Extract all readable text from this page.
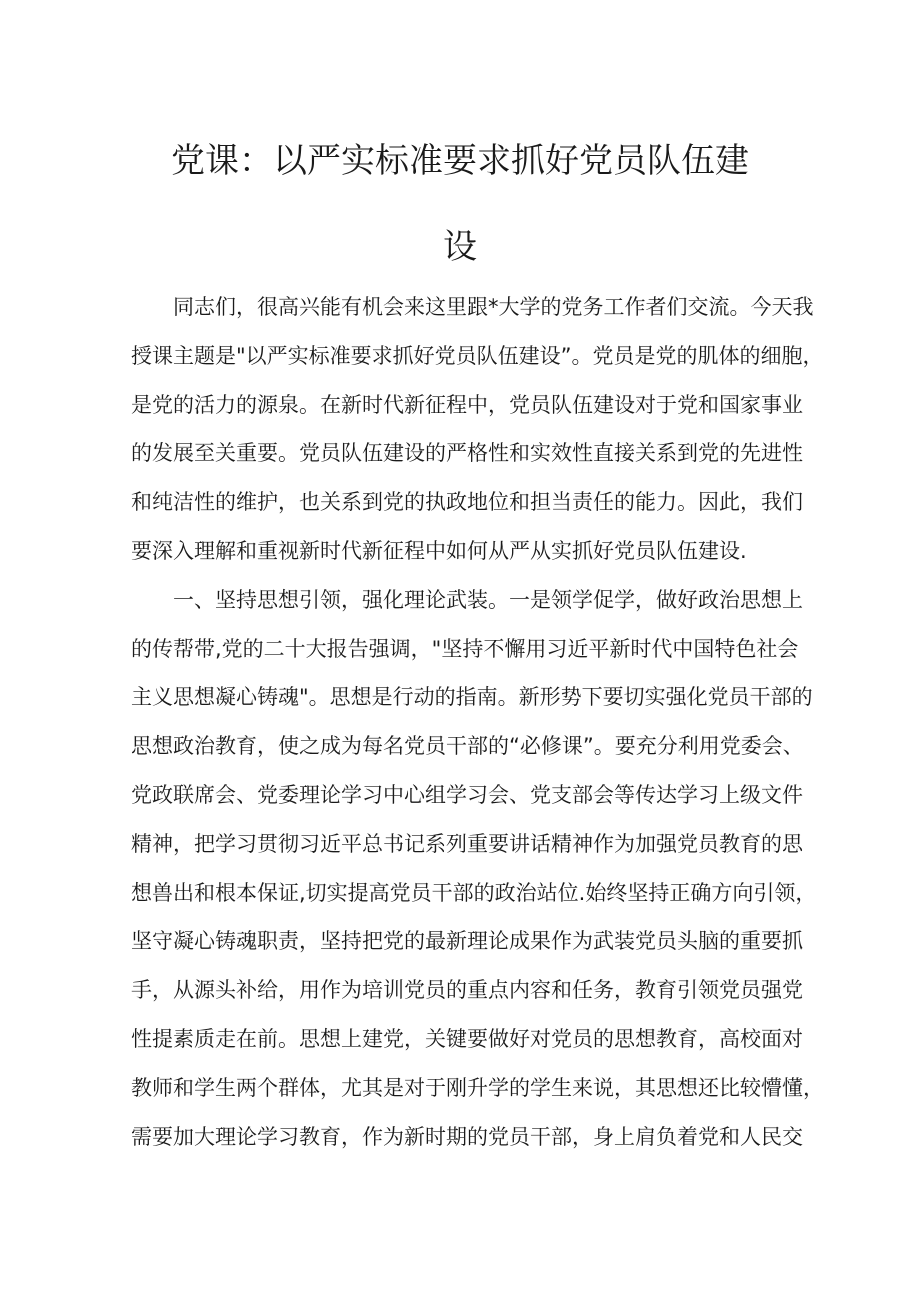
党课：以严实标准要求抓好党员队伍建
设
同志们，很高兴能有机会来这里跟*大学的党务工作者们交流。今天我
授课主题是"以严实标准要求抓好党员队伍建设”。党员是党的肌体的细胞，
是党的活力的源泉。在新时代新征程中，党员队伍建设对于党和国家事业
的发展至关重要。党员队伍建设的严格性和实效性直接关系到党的先进性
和纯洁性的维护，也关系到党的执政地位和担当责任的能力。因此，我们
要深入理解和重视新时代新征程中如何从严从实抓好党员队伍建设.
一、坚持思想引领，强化理论武装。一是领学促学，做好政治思想上
的传帮带,党的二十大报告强调，"坚持不懈用习近平新时代中国特色社会
主义思想凝心铸魂"。思想是行动的指南。新形势下要切实强化党员干部的
思想政治教育，使之成为每名党员干部的“必修课”。要充分利用党委会、
党政联席会、党委理论学习中心组学习会、党支部会等传达学习上级文件
精神，把学习贯彻习近平总书记系列重要讲话精神作为加强党员教育的思
想兽出和根本保证,切实提高党员干部的政治站位.始终坚持正确方向引领，
坚守凝心铸魂职责，坚持把党的最新理论成果作为武装党员头脑的重要抓
手，从源头补给，用作为培训党员的重点内容和任务，教育引领党员强党
性提素质走在前。思想上建党，关键要做好对党员的思想教育，高校面对
教师和学生两个群体，尤其是对于刚升学的学生来说，其思想还比较懵懂，
需要加大理论学习教育，作为新时期的党员干部，身上肩负着党和人民交
